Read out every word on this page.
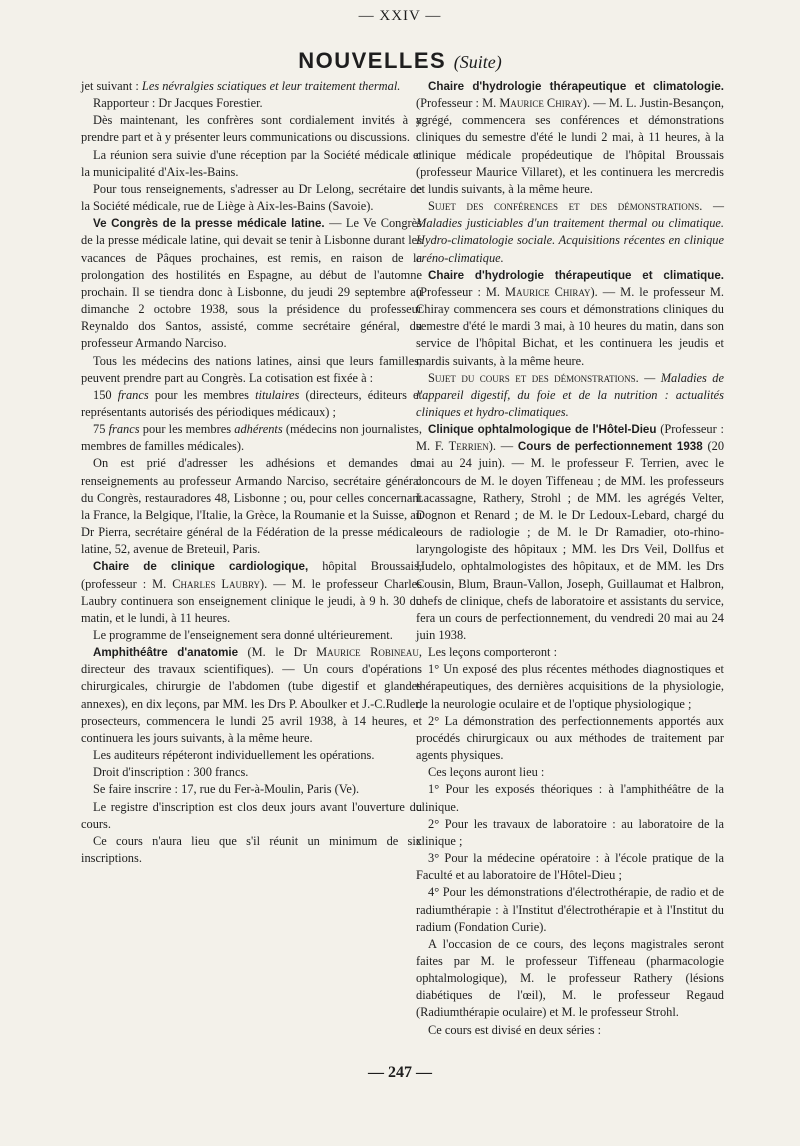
— XXIV —
NOUVELLES (Suite)

jet suivant : Les névralgies sciatiques et leur traitement thermal.

Rapporteur : Dr Jacques Forestier.

Dès maintenant, les confrères sont cordialement invités à y prendre part et à y présenter leurs communications ou discussions.

La réunion sera suivie d'une réception par la Société médicale et la municipalité d'Aix-les-Bains.

Pour tous renseignements, s'adresser au Dr Lelong, secrétaire de la Société médicale, rue de Liège à Aix-les-Bains (Savoie).

Ve Congrès de la presse médicale latine. — Le Ve Congrès de la presse médicale latine, qui devait se tenir à Lisbonne durant les vacances de Pâques prochaines, est remis, en raison de la prolongation des hostilités en Espagne, au début de l'automne prochain. Il se tiendra donc à Lisbonne, du jeudi 29 septembre au dimanche 2 octobre 1938, sous la présidence du professeur Reynaldo dos Santos, assisté, comme secrétaire général, du professeur Armando Narciso.

Tous les médecins des nations latines, ainsi que leurs familles, peuvent prendre part au Congrès. La cotisation est fixée à :

150 francs pour les membres titulaires (directeurs, éditeurs et représentants autorisés des périodiques médicaux) ;

75 francs pour les membres adhérents (médecins non journalistes, membres de familles médicales).

On est prié d'adresser les adhésions et demandes de renseignements au professeur Armando Narciso, secrétaire général du Congrès, restauradores 48, Lisbonne ; ou, pour celles concernant la France, la Belgique, l'Italie, la Grèce, la Roumanie et la Suisse, au Dr Pierra, secrétaire général de la Fédération de la presse médicale latine, 52, avenue de Breteuil, Paris.

Chaire de clinique cardiologique, hôpital Broussais, (professeur : M. Charles Laubry). — M. le professeur Charles Laubry continuera son enseignement clinique le jeudi, à 9 h. 30 du matin, et le lundi, à 11 heures.

Le programme de l'enseignement sera donné ultérieurement.

Amphithéâtre d'anatomie (M. le Dr Maurice Robineau, directeur des travaux scientifiques). — Un cours d'opérations chirurgicales, chirurgie de l'abdomen (tube digestif et glandes annexes), en dix leçons, par MM. les Drs P. Aboulker et J.-C.Rudler, prosecteurs, commencera le lundi 25 avril 1938, à 14 heures, et continuera les jours suivants, à la même heure.

Les auditeurs répéteront individuellement les opérations.

Droit d'inscription : 300 francs.

Se faire inscrire : 17, rue du Fer-à-Moulin, Paris (Ve).

Le registre d'inscription est clos deux jours avant l'ouverture du cours.

Ce cours n'aura lieu que s'il réunit un minimum de six inscriptions.

Chaire d'hydrologie thérapeutique et climatologie. (Professeur : M. Maurice Chiray). — M. L. Justin-Besançon, agrégé, commencera ses conférences et démonstrations cliniques du semestre d'été le lundi 2 mai, à 11 heures, à la clinique médicale propédeutique de l'hôpital Broussais (professeur Maurice Villaret), et les continuera les mercredis et lundis suivants, à la même heure.

Sujet des conférences et des démonstrations. — Maladies justiciables d'un traitement thermal ou climatique. Hydro-climatologie sociale. Acquisitions récentes en clinique créno-climatique.

Chaire d'hydrologie thérapeutique et climatique. (Professeur : M. Maurice Chiray). — M. le professeur M. Chiray commencera ses cours et démonstrations cliniques du semestre d'été le mardi 3 mai, à 10 heures du matin, dans son service de l'hôpital Bichat, et les continuera les jeudis et mardis suivants, à la même heure.

Sujet du cours et des démonstrations. — Maladies de l'appareil digestif, du foie et de la nutrition : actualités cliniques et hydro-climatiques.

Clinique ophtalmologique de l'Hôtel-Dieu (Professeur : M. F. Terrien). — Cours de perfectionnement 1938 (20 mai au 24 juin). — M. le professeur F. Terrien, avec le concours de M. le doyen Tiffeneau ; de MM. les professeurs Lacassagne, Rathery, Strohl ; de MM. les agrégés Velter, Dognon et Renard ; de M. le Dr Ledoux-Lebard, chargé du cours de radiologie ; de M. le Dr Ramadier, oto-rhino-laryngologiste des hôpitaux ; MM. les Drs Veil, Dollfus et Hudelo, ophtalmologistes des hôpitaux, et de MM. les Drs Cousin, Blum, Braun-Vallon, Joseph, Guillaumat et Halbron, chefs de clinique, chefs de laboratoire et assistants du service, fera un cours de perfectionnement, du vendredi 20 mai au 24 juin 1938.

Les leçons comporteront :

1° Un exposé des plus récentes méthodes diagnostiques et thérapeutiques, des dernières acquisitions de la physiologie, de la neurologie oculaire et de l'optique physiologique ;

2° La démonstration des perfectionnements apportés aux procédés chirurgicaux ou aux méthodes de traitement par agents physiques.

Ces leçons auront lieu :

1° Pour les exposés théoriques : à l'amphithéâtre de la clinique.

2° Pour les travaux de laboratoire : au laboratoire de la clinique ;

3° Pour la médecine opératoire : à l'école pratique de la Faculté et au laboratoire de l'Hôtel-Dieu ;

4° Pour les démonstrations d'électrothérapie, de radio et de radiumthérapie : à l'Institut d'électrothérapie et à l'Institut du radium (Fondation Curie).

A l'occasion de ce cours, des leçons magistrales seront faites par M. le professeur Tiffeneau (pharmacologie ophtalmologique), M. le professeur Rathery (lésions diabétiques de l'œil), M. le professeur Regaud (Radiumthérapie oculaire) et M. le professeur Strohl.

Ce cours est divisé en deux séries :

— 247 —
